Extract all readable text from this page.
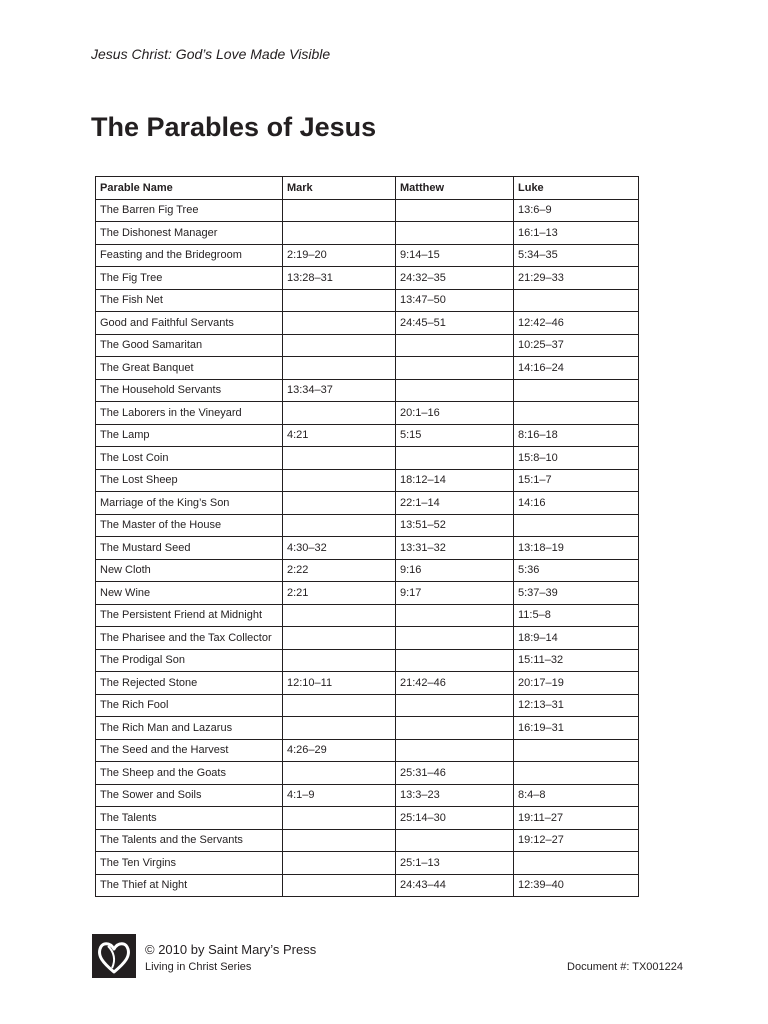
Jesus Christ: God’s Love Made Visible
The Parables of Jesus
Parable Name	Mark	Matthew	Luke
The Barren Fig Tree			13:6–9
The Dishonest Manager			16:1–13
Feasting and the Bridegroom	2:19–20	9:14–15	5:34–35
The Fig Tree	13:28–31	24:32–35	21:29–33
The Fish Net		13:47–50	
Good and Faithful Servants		24:45–51	12:42–46
The Good Samaritan			10:25–37
The Great Banquet			14:16–24
The Household Servants	13:34–37		
The Laborers in the Vineyard		20:1–16	
The Lamp	4:21	5:15	8:16–18
The Lost Coin			15:8–10
The Lost Sheep		18:12–14	15:1–7
Marriage of the King’s Son		22:1–14	14:16
The Master of the House		13:51–52	
The Mustard Seed	4:30–32	13:31–32	13:18–19
New Cloth	2:22	9:16	5:36
New Wine	2:21	9:17	5:37–39
The Persistent Friend at Midnight			11:5–8
The Pharisee and the Tax Collector			18:9–14
The Prodigal Son			15:11–32
The Rejected Stone	12:10–11	21:42–46	20:17–19
The Rich Fool			12:13–31
The Rich Man and Lazarus			16:19–31
The Seed and the Harvest	4:26–29		
The Sheep and the Goats		25:31–46	
The Sower and Soils	4:1–9	13:3–23	8:4–8
The Talents		25:14–30	19:11–27
The Talents and the Servants			19:12–27
The Ten Virgins		25:1–13	
The Thief at Night		24:43–44	12:39–40
© 2010 by Saint Mary’s Press
Living in Christ Series	Document #: TX001224
